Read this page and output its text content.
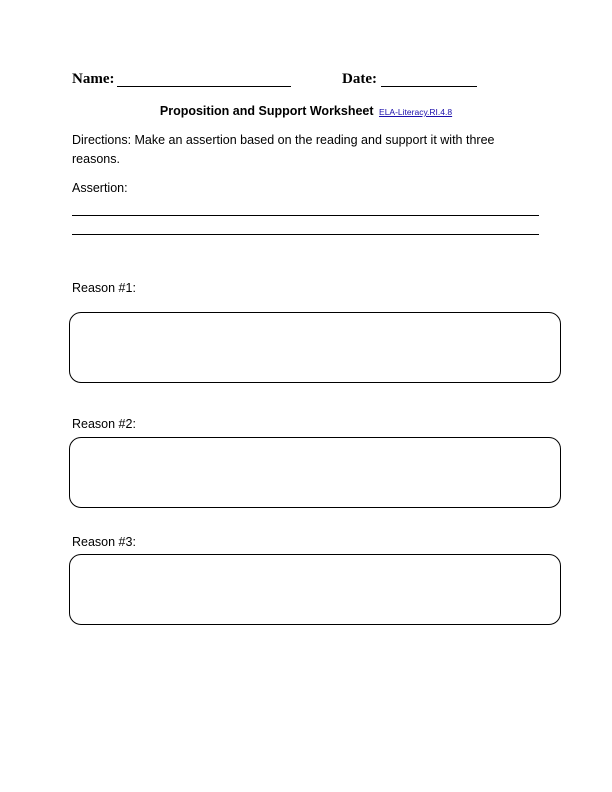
Name:	Date:
Proposition and Support Worksheet ELA-Literacy.RI.4.8
Directions: Make an assertion based on the reading and support it with three reasons.
Assertion:
Reason #1:
Reason #2:
Reason #3:
